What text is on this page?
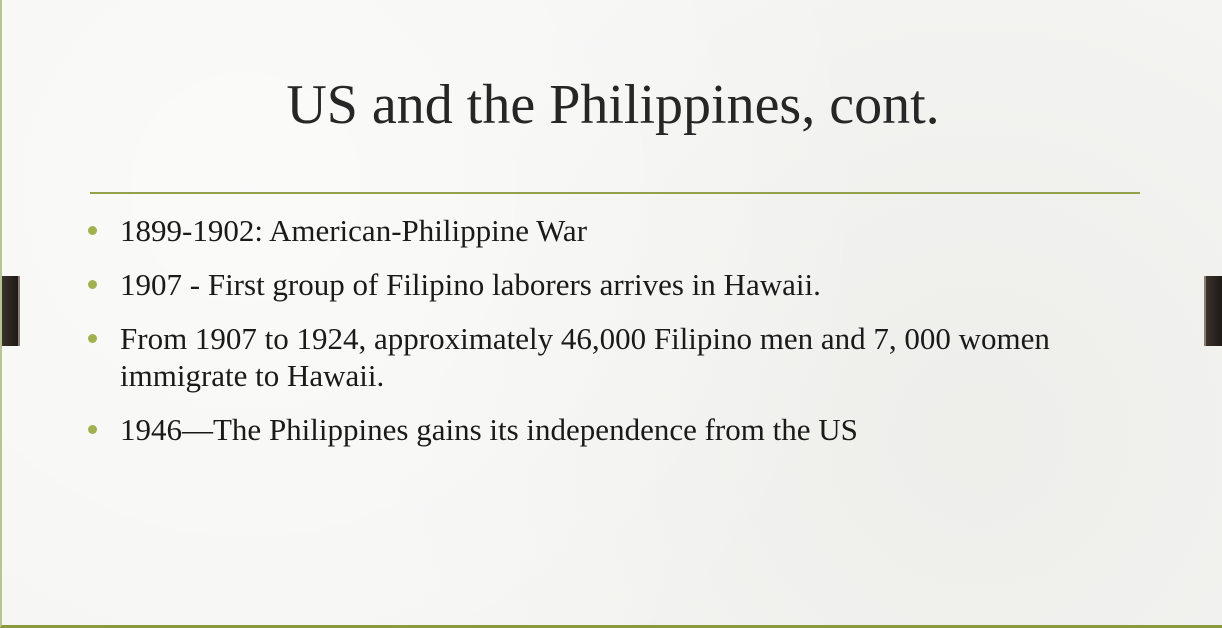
US and the Philippines, cont.
1899-1902: American-Philippine War
1907 - First group of Filipino laborers arrives in Hawaii.
From 1907 to 1924, approximately 46,000 Filipino men and 7, 000 women immigrate to Hawaii.
1946—The Philippines gains its independence from the US
